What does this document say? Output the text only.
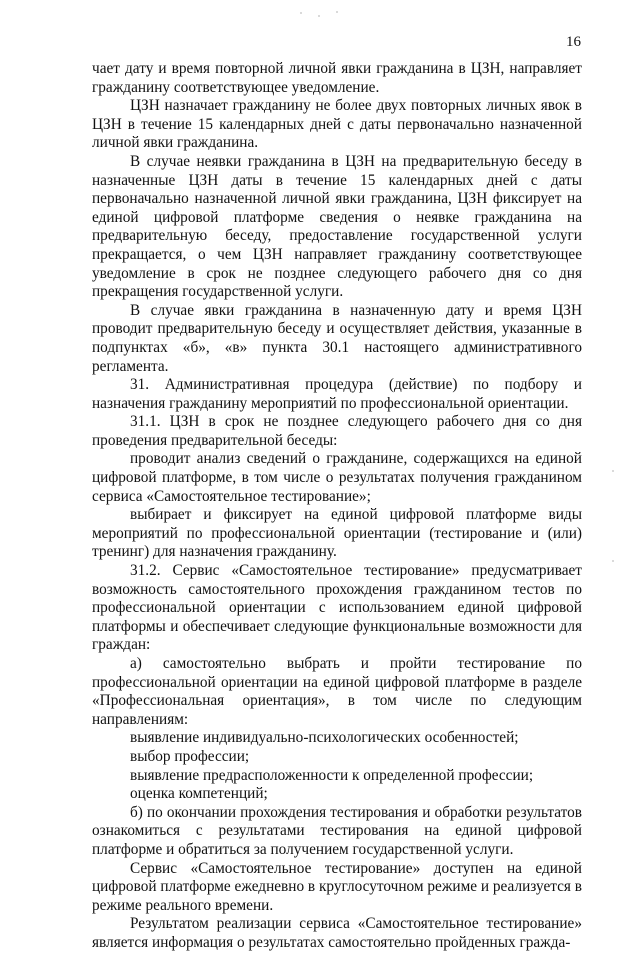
16

чает дату и время повторной личной явки гражданина в ЦЗН, направляет гражданину соответствующее уведомление.

ЦЗН назначает гражданину не более двух повторных личных явок в ЦЗН в течение 15 календарных дней с даты первоначально назначенной личной явки гражданина.

В случае неявки гражданина в ЦЗН на предварительную беседу в назначенные ЦЗН даты в течение 15 календарных дней с даты первоначально назначенной личной явки гражданина, ЦЗН фиксирует на единой цифровой платформе сведения о неявке гражданина на предварительную беседу, предоставление государственной услуги прекращается, о чем ЦЗН направляет гражданину соответствующее уведомление в срок не позднее следующего рабочего дня со дня прекращения государственной услуги.

В случае явки гражданина в назначенную дату и время ЦЗН проводит предварительную беседу и осуществляет действия, указанные в подпунктах «б», «в» пункта 30.1 настоящего административного регламента.

31. Административная процедура (действие) по подбору и назначения гражданину мероприятий по профессиональной ориентации.

31.1. ЦЗН в срок не позднее следующего рабочего дня со дня проведения предварительной беседы:

проводит анализ сведений о гражданине, содержащихся на единой цифровой платформе, в том числе о результатах получения гражданином сервиса «Самостоятельное тестирование»;

выбирает и фиксирует на единой цифровой платформе виды мероприятий по профессиональной ориентации (тестирование и (или) тренинг) для назначения гражданину.

31.2. Сервис «Самостоятельное тестирование» предусматривает возможность самостоятельного прохождения гражданином тестов по профессиональной ориентации с использованием единой цифровой платформы и обеспечивает следующие функциональные возможности для граждан:

а) самостоятельно выбрать и пройти тестирование по профессиональной ориентации на единой цифровой платформе в разделе «Профессиональная ориентация», в том числе по следующим направлениям:

выявление индивидуально-психологических особенностей;

выбор профессии;

выявление предрасположенности к определенной профессии;

оценка компетенций;

б) по окончании прохождения тестирования и обработки результатов ознакомиться с результатами тестирования на единой цифровой платформе и обратиться за получением государственной услуги.

Сервис «Самостоятельное тестирование» доступен на единой цифровой платформе ежедневно в круглосуточном режиме и реализуется в режиме реального времени.

Результатом реализации сервиса «Самостоятельное тестирование» является информация о результатах самостоятельно пройденных гражда-
